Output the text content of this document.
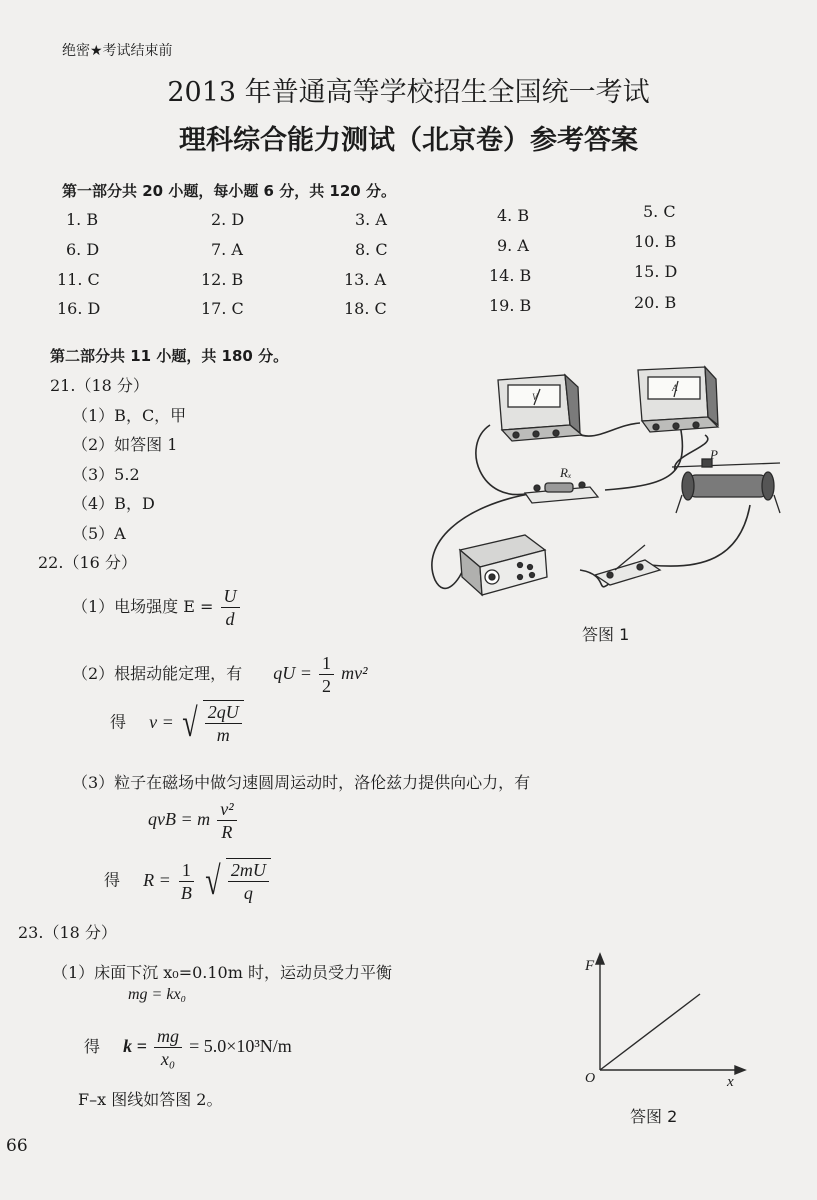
绝密★考试结束前
2013 年普通高等学校招生全国统一考试
理科综合能力测试（北京卷）参考答案
第一部分共 20 小题，每小题 6 分，共 120 分。
1. B	2. D	3. A	4. B	5. C
6. D	7. A	8. C	9. A	10. B
11. C	12. B	13. A	14. B	15. D
16. D	17. C	18. C	19. B	20. B
第二部分共 11 小题，共 180 分。
21.（18 分）
（1）B，C，甲
（2）如答图 1
（3）5.2
（4）B，D
（5）A
V
A
Rₓ
P
答图 1
22.（16 分）
（1）电场强度 $E = \frac{U}{d}$
（2）根据动能定理，有 qU = $\frac{1}{2} mv^2$
得 v = √ $\frac{2qU}{m}$
（3）粒子在磁场中做匀速圆周运动时，洛伦兹力提供向心力，有
qvB = m $\frac{\text{v²}}{R}$
得 $R = \frac{1}{B}$
√ $\frac{2mU}{q}$
23.（18 分）
（1）床面下沉 x₀=0.10m 时，运动员受力平衡
mg = kx₀
得 $k = \frac{mg}{\text{x₀}} = 5.0\times 10^3N/m$
F–x 图线如答图 2。
F
x
O
答图 2
66
